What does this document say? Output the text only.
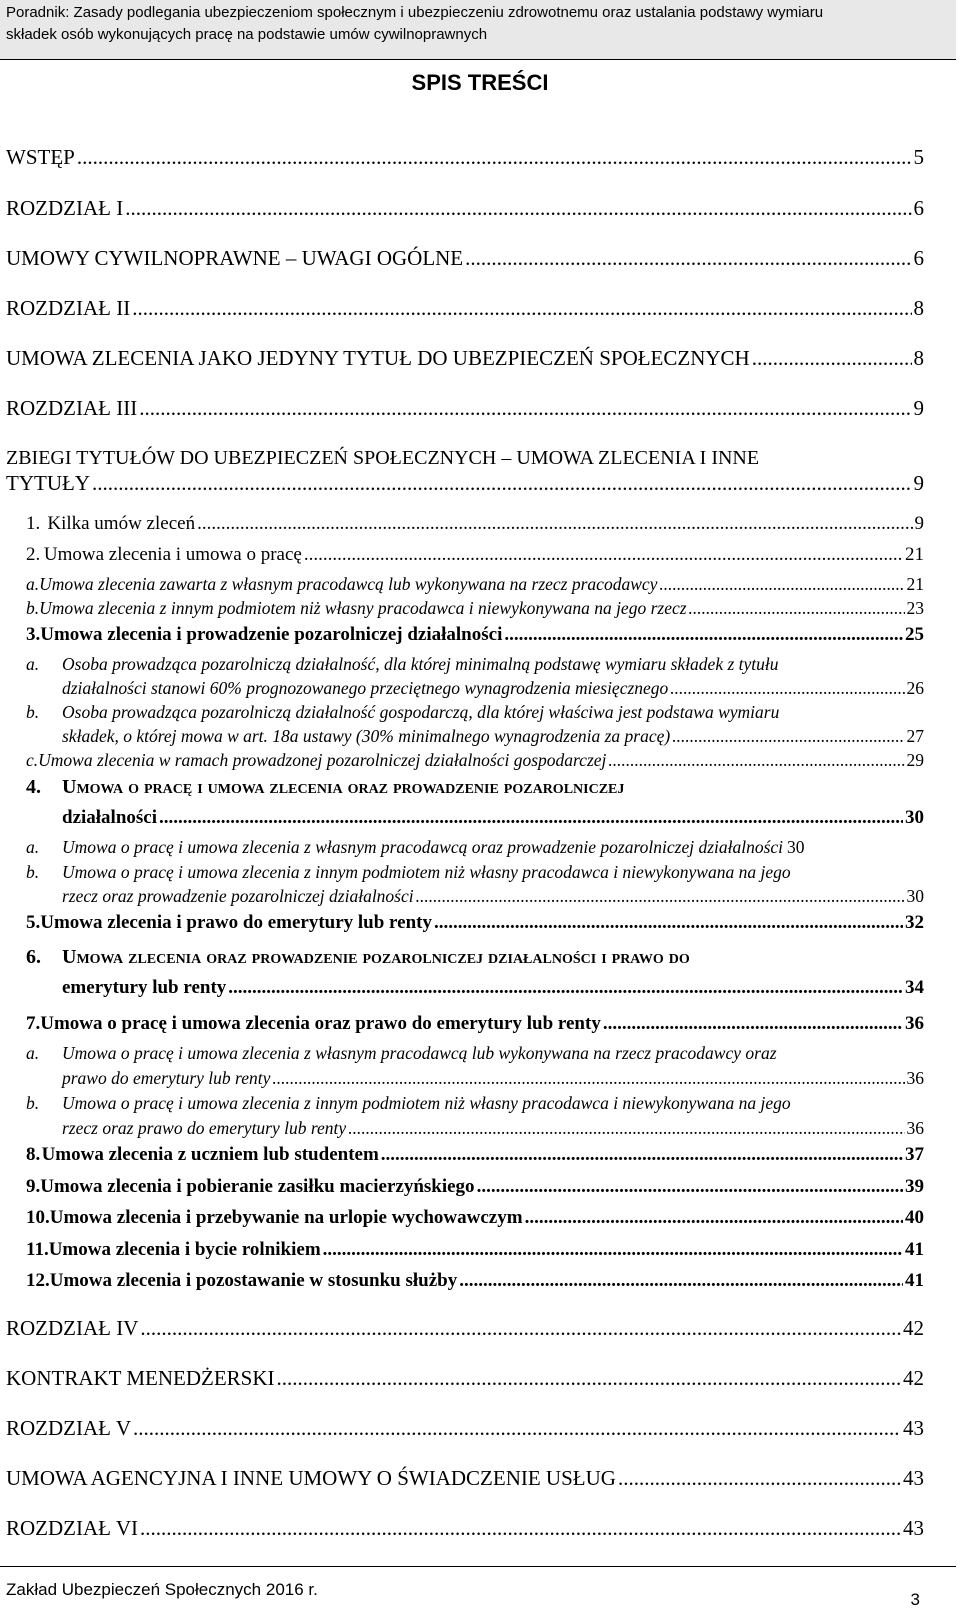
Poradnik: Zasady podlegania ubezpieczeniom społecznym i ubezpieczeniu zdrowotnemu oraz ustalania podstawy wymiaru
składek osób wykonujących pracę na podstawie umów cywilnoprawnych
SPIS TREŚCI
WSTĘP .....	5
ROZDZIAŁ I .....	6
UMOWY CYWILNOPRAWNE – UWAGI OGÓLNE .....	6
ROZDZIAŁ II .....	8
UMOWA ZLECENIA JAKO JEDYNY TYTUŁ DO UBEZPIECZEŃ SPOŁECZNYCH .....	8
ROZDZIAŁ III .....	9
ZBIEGI TYTUŁÓW DO UBEZPIECZEŃ SPOŁECZNYCH – UMOWA ZLECENIA I INNE
TYTUŁY .....	9
1. Kilka umów zleceń .....	9
2. Umowa zlecenia i umowa o pracę .....	21
a. Umowa zlecenia zawarta z własnym pracodawcą lub wykonywana na rzecz pracodawcy .....	21
b. Umowa zlecenia z innym podmiotem niż własny pracodawca i niewykonywana na jego rzecz .....	23
3. Umowa zlecenia i prowadzenie pozarolniczej działalności .....	25
a. Osoba prowadząca pozarolniczą działalność, dla której minimalną podstawę wymiaru składek z tytułu
działalności stanowi 60% prognozowanego przeciętnego wynagrodzenia miesięcznego .....	26
b. Osoba prowadząca pozarolniczą działalność gospodarczą, dla której właściwa jest podstawa wymiaru
składek, o której mowa w art. 18a ustawy (30% minimalnego wynagrodzenia za pracę) .....	27
c. Umowa zlecenia w ramach prowadzonej pozarolniczej działalności gospodarczej .....	29
4. Umowa o pracę i umowa zlecenia oraz prowadzenie pozarolniczej
działalności .....	30
a.	Umowa o pracę i umowa zlecenia z własnym pracodawcą oraz prowadzenie pozarolniczej działalności 30
b. Umowa o pracę i umowa zlecenia z innym podmiotem niż własny pracodawca i niewykonywana na jego
rzecz oraz prowadzenie pozarolniczej działalności .....	30
5. Umowa zlecenia i prawo do emerytury lub renty .....	32
6. Umowa zlecenia oraz prowadzenie pozarolniczej działalności i prawo do
emerytury lub renty .....	34
7. Umowa o pracę i umowa zlecenia oraz prawo do emerytury lub renty .....	36
a. Umowa o pracę i umowa zlecenia z własnym pracodawcą lub wykonywana na rzecz pracodawcy oraz
prawo do emerytury lub renty .....	36
b. Umowa o pracę i umowa zlecenia z innym podmiotem niż własny pracodawca i niewykonywana na jego
rzecz oraz prawo do emerytury lub renty .....	36
8. Umowa zlecenia z uczniem lub studentem .....	37
9. Umowa zlecenia i pobieranie zasiłku macierzyńskiego .....	39
10. Umowa zlecenia i przebywanie na urlopie wychowawczym .....	40
11. Umowa zlecenia i bycie rolnikiem .....	41
12. Umowa zlecenia i pozostawanie w stosunku służby .....	41
ROZDZIAŁ IV .....	42
KONTRAKT MENEDŻERSKI .....	42
ROZDZIAŁ V .....	43
UMOWA AGENCYJNA I INNE UMOWY O ŚWIADCZENIE USŁUG .....	43
ROZDZIAŁ VI .....	43
Zakład Ubezpieczeń Społecznych 2016 r.
3
